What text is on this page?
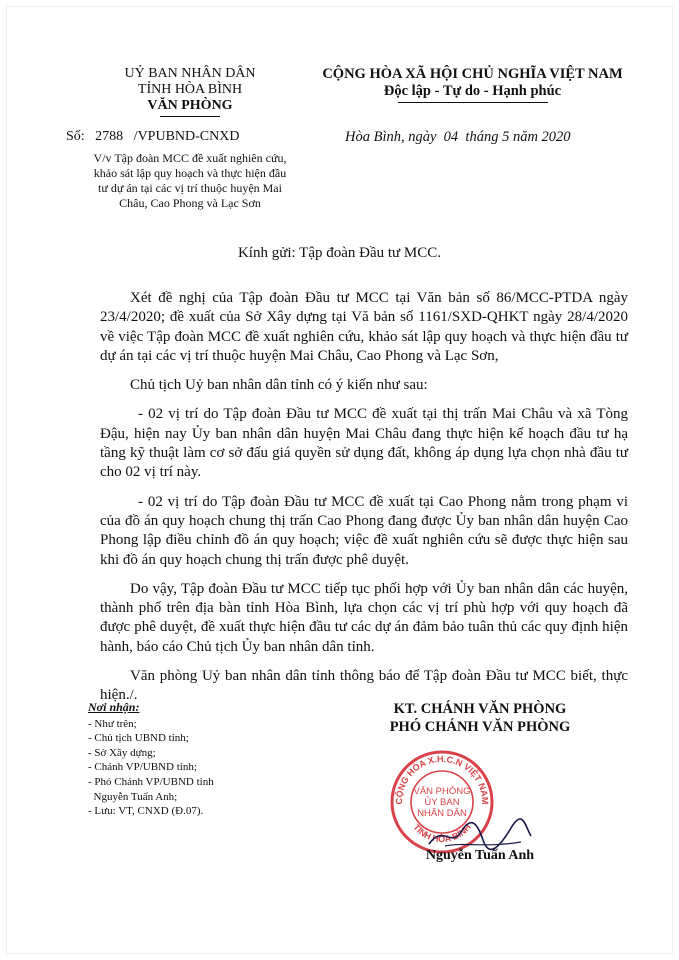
UỶ BAN NHÂN DÂN
TỈNH HÒA BÌNH
VĂN PHÒNG
CỘNG HÒA XÃ HỘI CHỦ NGHĨA VIỆT NAM
Độc lập - Tự do - Hạnh phúc
Số:   2788   /VPUBND-CNXD	Hòa Bình, ngày  04  tháng 5 năm 2020
V/v Tập đoàn MCC đề xuất nghiên cứu,
khảo sát lập quy hoạch và thực hiện đầu
tư dự án tại các vị trí thuộc huyện Mai
Châu, Cao Phong và Lạc Sơn
Kính gửi: Tập đoàn Đầu tư MCC.

Xét đề nghị của Tập đoàn Đầu tư MCC tại Văn bản số 86/MCC-PTDA ngày 23/4/2020; đề xuất của Sở Xây dựng tại Vă bản số 1161/SXD-QHKT ngày 28/4/2020 về việc Tập đoàn MCC đề xuất nghiên cứu, khảo sát lập quy hoạch và thực hiện đầu tư dự án tại các vị trí thuộc huyện Mai Châu, Cao Phong và Lạc Sơn,

Chủ tịch Uỷ ban nhân dân tỉnh có ý kiến như sau:

- 02 vị trí do Tập đoàn Đầu tư MCC đề xuất tại thị trấn Mai Châu và xã Tòng Đậu, hiện nay Ủy ban nhân dân huyện Mai Châu đang thực hiện kế hoạch đầu tư hạ tầng kỹ thuật làm cơ sở đấu giá quyền sử dụng đất, không áp dụng lựa chọn nhà đầu tư cho 02 vị trí này.

- 02 vị trí do Tập đoàn Đầu tư MCC đề xuất tại Cao Phong nằm trong phạm vi của đồ án quy hoạch chung thị trấn Cao Phong đang được Ủy ban nhân dân huyện Cao Phong lập điều chỉnh đồ án quy hoạch; việc đề xuất nghiên cứu sẽ được thực hiện sau khi đồ án quy hoạch chung thị trấn được phê duyệt.

Do vậy, Tập đoàn Đầu tư MCC tiếp tục phối hợp với Ủy ban nhân dân các huyện, thành phố trên địa bàn tỉnh Hòa Bình, lựa chọn các vị trí phù hợp với quy hoạch đã được phê duyệt, đề xuất thực hiện đầu tư các dự án đảm bảo tuân thủ các quy định hiện hành, báo cáo Chủ tịch Ủy ban nhân dân tỉnh.

Văn phòng Uỷ ban nhân dân tỉnh thông báo để Tập đoàn Đầu tư MCC biết, thực hiện./.

Nơi nhận:
- Như trên;
- Chủ tịch UBND tỉnh;
- Sở Xây dựng;
- Chánh VP/UBND tỉnh;
- Phó Chánh VP/UBND tỉnh
Nguyễn Tuấn Anh;
- Lưu: VT, CNXD (Đ.07).
KT. CHÁNH VĂN PHÒNG
PHÓ CHÁNH VĂN PHÒNG
CỘNG HÒA X.H.C.N VIỆT NAM
TỈNH HÒA BÌNH
VĂN PHÒNG
ỦY BAN
NHÂN DÂN
Nguyễn Tuấn Anh
